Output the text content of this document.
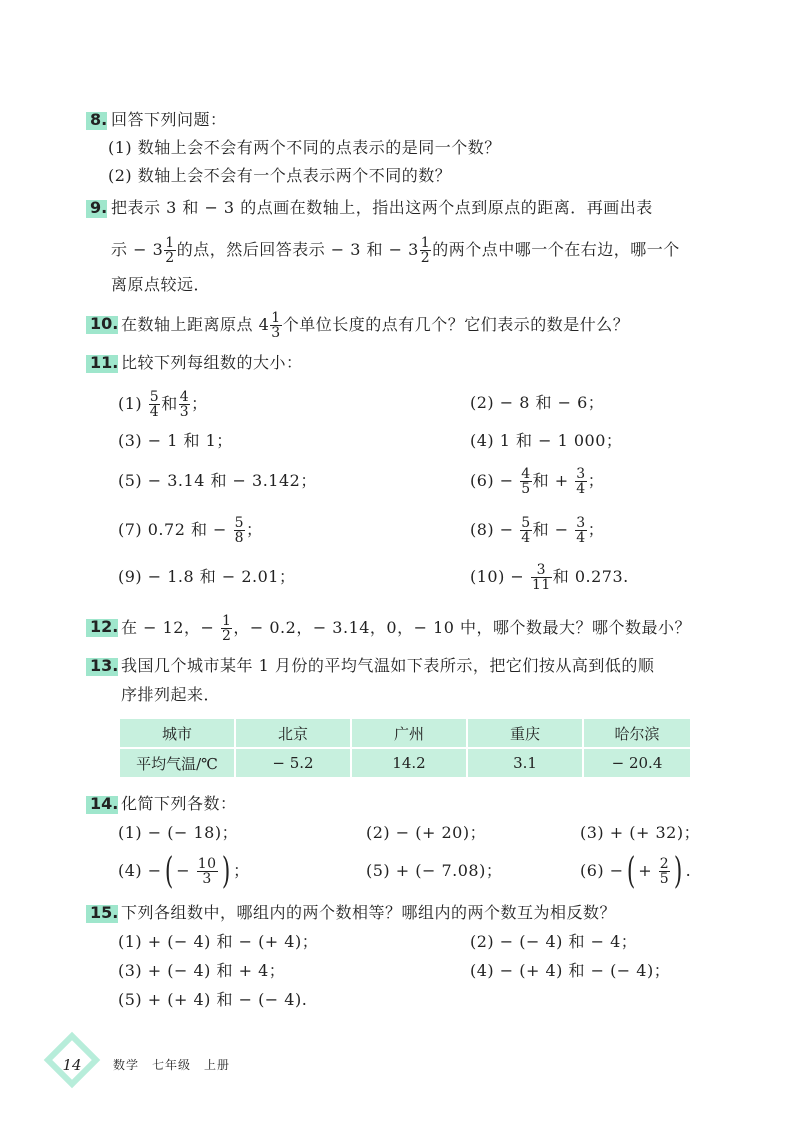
8. 回答下列问题：
(1) 数轴上会不会有两个不同的点表示的是同一个数？
(2) 数轴上会不会有一个点表示两个不同的数？
9. 把表示 3 和 − 3 的点画在数轴上，指出这两个点到原点的距离．再画出表
示 − $3 \frac{1}{2}$ 的点，然后回答表示 − 3 和 − $3 \frac{1}{2}$ 的两个点中哪一个在右边，哪一个
离原点较远．
10. 在数轴上距离原点 $4 \frac{1}{3}$ 个单位长度的点有几个？它们表示的数是什么？
11. 比较下列每组数的大小：
$(1) \frac{5}{4}$ 和 $\frac{4}{3}$ ；	(2) − 8 和 − 6；
(3) − 1 和 1；	(4) 1 和 − 1 000；
(5) − 3.14 和 − 3.142；	$(6) - \frac{4}{5}$ 和 + $\frac{3}{4}$ ；
(7) 0.72 和 − $\frac{5}{8}$ ；	$(8) - \frac{5}{4}$ 和 − $\frac{3}{4}$ ；
(9) − 1.8 和 − 2.01；	$(10) - \frac{3}{11}$ 和 0.273.
12. 在 − 12，− $\frac{1}{2}$ ，− 0.2，− 3.14，0，− 10 中，哪个数最大？哪个数最小？
13. 我国几个城市某年 1 月份的平均气温如下表所示，把它们按从高到低的顺
序排列起来．
城市	北京	广州	重庆	哈尔滨
平均气温/℃	− 5.2	14.2	3.1	− 20.4
14. 化简下列各数：
(1) − (− 18)；	(2) − (+ 20)；	(3) + (+ 32)；
(4) −( − $\frac{10}{3}$ ) ；	(5) + (− 7.08)；	(6) −( + $\frac{2}{5}$ ) .
15. 下列各组数中，哪组内的两个数相等？哪组内的两个数互为相反数？
(1) + (− 4) 和 − (+ 4)；	(2) − (− 4) 和 − 4；
(3) + (− 4) 和 + 4；	(4) − (+ 4) 和 − (− 4)；
(5) + (+ 4) 和 − (− 4).
14	数学　七年级　上册
